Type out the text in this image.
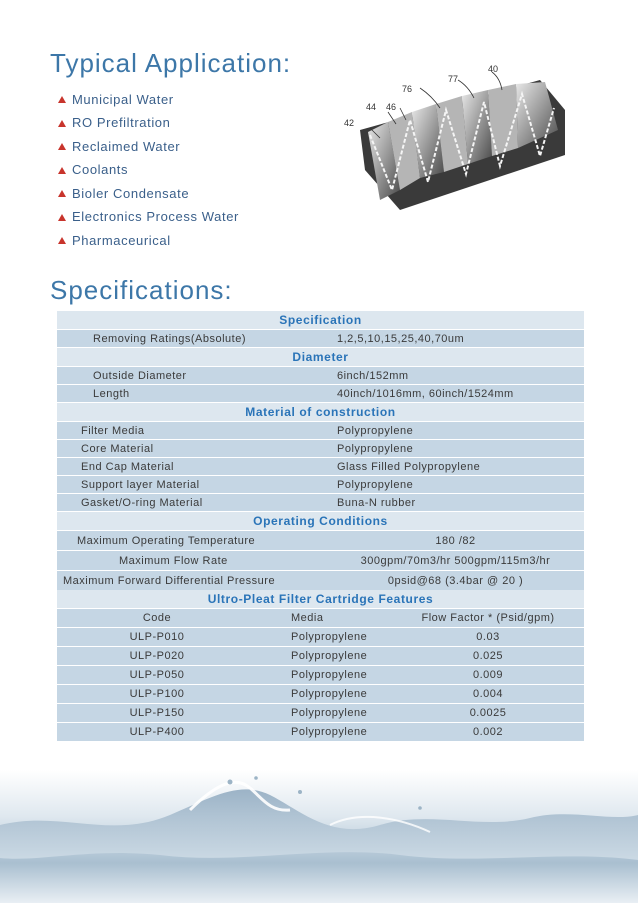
Typical Application:
Municipal Water
RO Prefiltration
Reclaimed Water
Coolants
Bioler Condensate
Electronics Process Water
Pharmaceurical
40
77
76
44 46
42
Specifications:
Specification	
Removing Ratings(Absolute)	1,2,5,10,15,25,40,70um
Diameter	
Outside Diameter	6inch/152mm
Length	40inch/1016mm, 60inch/1524mm
Material of construction	
Filter Media	Polypropylene
Core Material	Polypropylene
End Cap Material	Glass Filled Polypropylene
Support layer Material	Polypropylene
Gasket/O-ring Material	Buna-N rubber
Operating Conditions	
Maximum Operating Temperature	180 /82
Maximum Flow Rate	300gpm/70m3/hr 500gpm/115m3/hr
Maximum Forward Differential Pressure	0psid@68 (3.4bar @ 20 )
Ultro-Pleat Filter Cartridge Features		
Code	Media	Flow Factor * (Psid/gpm)
ULP-P010	Polypropylene	0.03
ULP-P020	Polypropylene	0.025
ULP-P050	Polypropylene	0.009
ULP-P100	Polypropylene	0.004
ULP-P150	Polypropylene	0.0025
ULP-P400	Polypropylene	0.002
